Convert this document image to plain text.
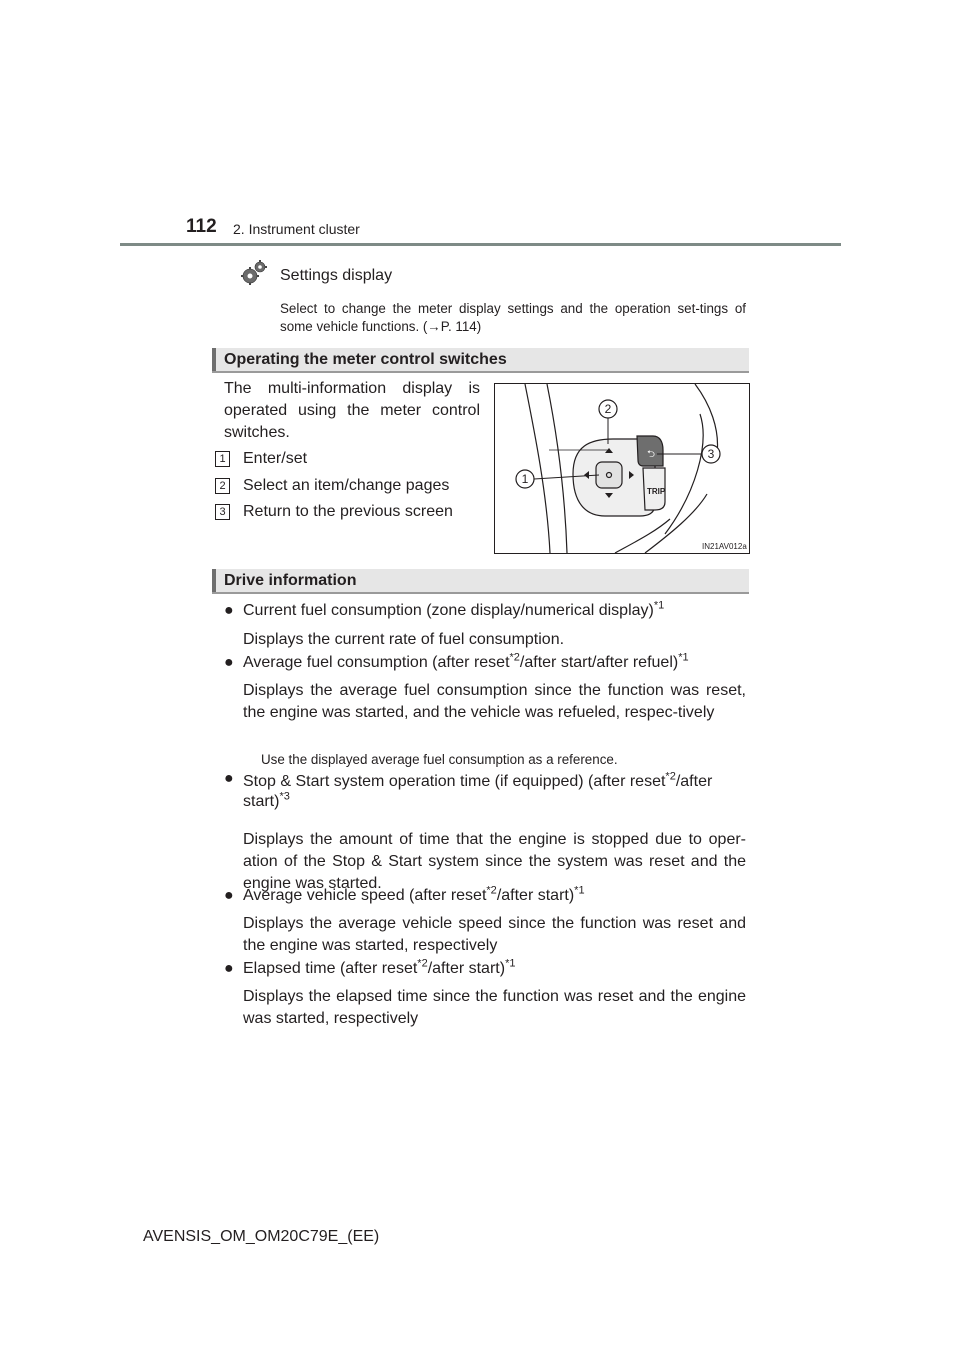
112 2. Instrument cluster
Settings display
Select to change the meter display settings and the operation set-tings of some vehicle functions. (→P. 114)
Operating the meter control switches
The multi-information display is operated using the meter control switches.
1 Enter/set
2 Select an item/change pages
3 Return to the previous screen
⮌
TRIP
1
2
3
IN21AV012a
Drive information
● Current fuel consumption (zone display/numerical display)$^{*1}$
Displays the current rate of fuel consumption.
● Average fuel consumption (after reset$^{*2}$/after start/after refuel)$^{*1}$
Displays the average fuel consumption since the function was reset, the engine was started, and the vehicle was refueled, respec-tively
Use the displayed average fuel consumption as a reference.
● Stop & Start system operation time (if equipped) (after reset$^{*2}$/after
start)$^{*3}$
Displays the amount of time that the engine is stopped due to oper-ation of the Stop & Start system since the system was reset and the engine was started.
● Average vehicle speed (after reset$^{*2}$/after start)$^{*1}$
Displays the average vehicle speed since the function was reset and the engine was started, respectively
● Elapsed time (after reset$^{*2}$/after start)$^{*1}$
Displays the elapsed time since the function was reset and the engine was started, respectively
AVENSIS_OM_OM20C79E_(EE)
